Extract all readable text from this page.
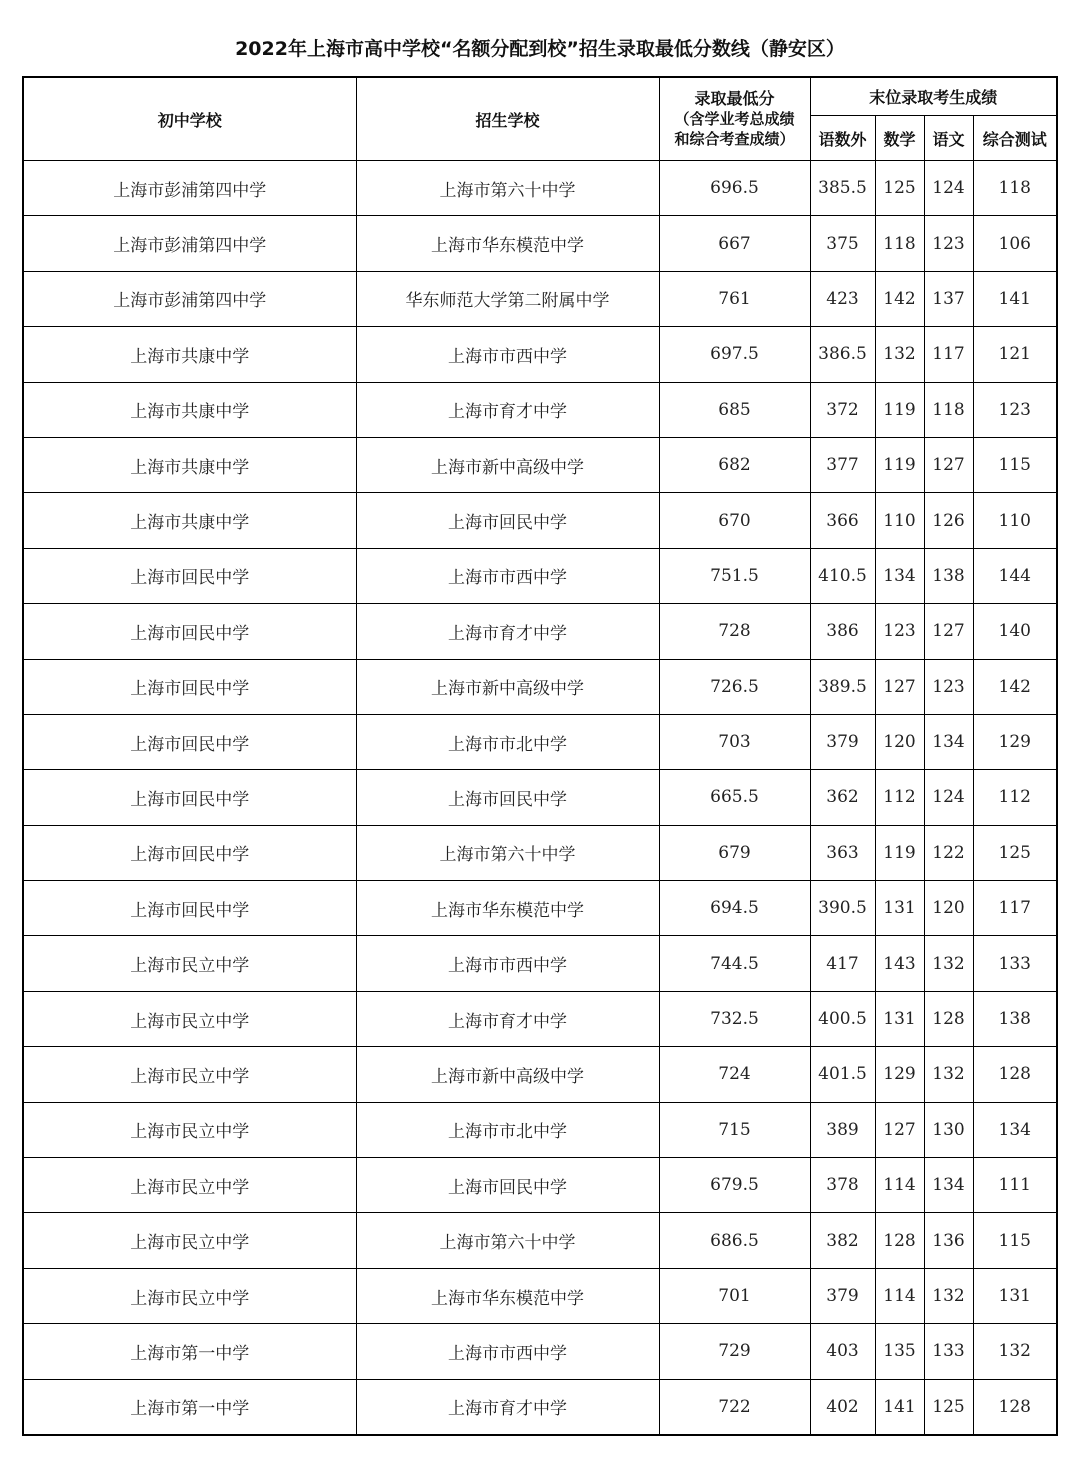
2022年上海市高中学校“名额分配到校”招生录取最低分数线（静安区）
初中学校	招生学校	录取最低分
（含学业考总成绩
和综合考查成绩）	末位录取考生成绩			
			语数外	数学	语文	综合测试
上海市彭浦第四中学	上海市第六十中学	696.5	385.5	125	124	118
上海市彭浦第四中学	上海市华东模范中学	667	375	118	123	106
上海市彭浦第四中学	华东师范大学第二附属中学	761	423	142	137	141
上海市共康中学	上海市市西中学	697.5	386.5	132	117	121
上海市共康中学	上海市育才中学	685	372	119	118	123
上海市共康中学	上海市新中高级中学	682	377	119	127	115
上海市共康中学	上海市回民中学	670	366	110	126	110
上海市回民中学	上海市市西中学	751.5	410.5	134	138	144
上海市回民中学	上海市育才中学	728	386	123	127	140
上海市回民中学	上海市新中高级中学	726.5	389.5	127	123	142
上海市回民中学	上海市市北中学	703	379	120	134	129
上海市回民中学	上海市回民中学	665.5	362	112	124	112
上海市回民中学	上海市第六十中学	679	363	119	122	125
上海市回民中学	上海市华东模范中学	694.5	390.5	131	120	117
上海市民立中学	上海市市西中学	744.5	417	143	132	133
上海市民立中学	上海市育才中学	732.5	400.5	131	128	138
上海市民立中学	上海市新中高级中学	724	401.5	129	132	128
上海市民立中学	上海市市北中学	715	389	127	130	134
上海市民立中学	上海市回民中学	679.5	378	114	134	111
上海市民立中学	上海市第六十中学	686.5	382	128	136	115
上海市民立中学	上海市华东模范中学	701	379	114	132	131
上海市第一中学	上海市市西中学	729	403	135	133	132
上海市第一中学	上海市育才中学	722	402	141	125	128
